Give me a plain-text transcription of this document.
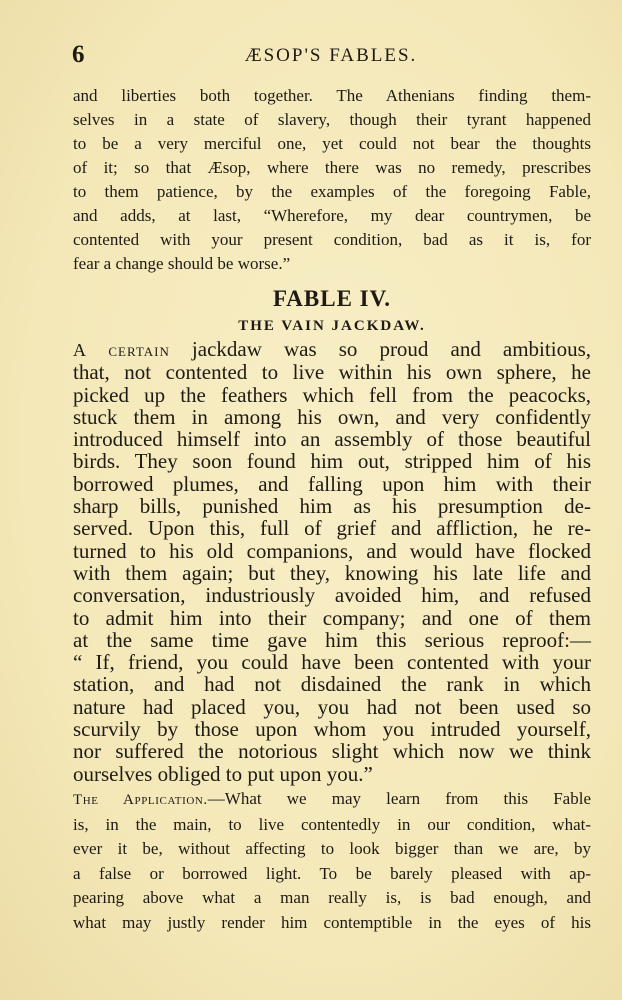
6	ÆSOP'S FABLES.
and liberties both together. The Athenians finding them-
selves in a state of slavery, though their tyrant happened
to be a very merciful one, yet could not bear the thoughts
of it; so that Æsop, where there was no remedy, prescribes
to them patience, by the examples of the foregoing Fable,
and adds, at last, “Wherefore, my dear countrymen, be
contented with your present condition, bad as it is, for
fear a change should be worse.”
FABLE IV.
THE VAIN JACKDAW.
A certain jackdaw was so proud and ambitious,
that, not contented to live within his own sphere, he
picked up the feathers which fell from the peacocks,
stuck them in among his own, and very confidently
introduced himself into an assembly of those beautiful
birds. They soon found him out, stripped him of his
borrowed plumes, and falling upon him with their
sharp bills, punished him as his presumption de-
served. Upon this, full of grief and affliction, he re-
turned to his old companions, and would have flocked
with them again; but they, knowing his late life and
conversation, industriously avoided him, and refused
to admit him into their company; and one of them
at the same time gave him this serious reproof:—
“ If, friend, you could have been contented with your
station, and had not disdained the rank in which
nature had placed you, you had not been used so
scurvily by those upon whom you intruded yourself,
nor suffered the notorious slight which now we think
ourselves obliged to put upon you.”
The Application.—What we may learn from this Fable
is, in the main, to live contentedly in our condition, what-
ever it be, without affecting to look bigger than we are, by
a false or borrowed light. To be barely pleased with ap-
pearing above what a man really is, is bad enough, and
what may justly render him contemptible in the eyes of his
